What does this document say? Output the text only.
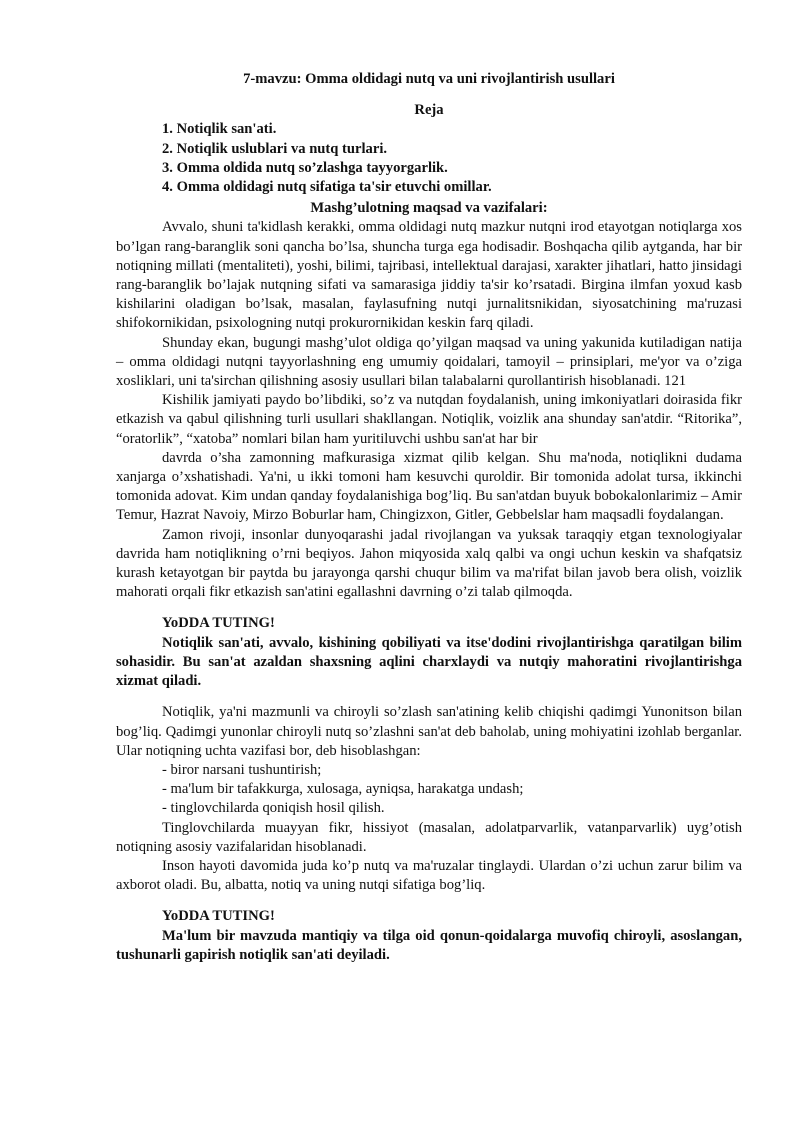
7-mavzu: Omma oldidagi nutq va uni rivojlantirish usullari
Reja
1. Notiqlik san'ati.
2. Notiqlik uslublari va nutq turlari.
3. Omma oldida nutq so’zlashga tayyorgarlik.
4. Omma oldidagi nutq sifatiga ta'sir etuvchi omillar.
Mashg’ulotning maqsad va vazifalari:

Avvalo, shuni ta'kidlash kerakki, omma oldidagi nutq mazkur nutqni irod etayotgan notiqlarga xos bo’lgan rang-baranglik soni qancha bo’lsa, shuncha turga ega hodisadir. Boshqacha qilib aytganda, har bir notiqning millati (mentaliteti), yoshi, bilimi, tajribasi, intellektual darajasi, xarakter jihatlari, hatto jinsidagi rang-baranglik bo’lajak nutqning sifati va samarasiga jiddiy ta'sir ko’rsatadi. Birgina ilmfan yoxud kasb kishilarini oladigan bo’lsak, masalan, faylasufning nutqi jurnalitsnikidan, siyosatchining ma'ruzasi shifokornikidan, psixologning nutqi prokurornikidan keskin farq qiladi.

Shunday ekan, bugungi mashg’ulot oldiga qo’yilgan maqsad va uning yakunida kutiladigan natija – omma oldidagi nutqni tayyorlashning eng umumiy qoidalari, tamoyil – prinsiplari, me'yor va o’ziga xosliklari, uni ta'sirchan qilishning asosiy usullari bilan talabalarni qurollantirish hisoblanadi. 121

Kishilik jamiyati paydo bo’libdiki, so’z va nutqdan foydalanish, uning imkoniyatlari doirasida fikr etkazish va qabul qilishning turli usullari shakllangan. Notiqlik, voizlik ana shunday san'atdir. “Ritorika”, “oratorlik”, “xatoba” nomlari bilan ham yuritiluvchi ushbu san'at har bir

davrda o’sha zamonning mafkurasiga xizmat qilib kelgan. Shu ma'noda, notiqlikni dudama xanjarga o’xshatishadi. Ya'ni, u ikki tomoni ham kesuvchi quroldir. Bir tomonida adolat tursa, ikkinchi tomonida adovat. Kim undan qanday foydalanishiga bog’liq. Bu san'atdan buyuk bobokalonlarimiz – Amir Temur, Hazrat Navoiy, Mirzo Boburlar ham, Chingizxon, Gitler, Gebbelslar ham maqsadli foydalangan.

Zamon rivoji, insonlar dunyoqarashi jadal rivojlangan va yuksak taraqqiy etgan texnologiyalar davrida ham notiqlikning o’rni beqiyos. Jahon miqyosida xalq qalbi va ongi uchun keskin va shafqatsiz kurash ketayotgan bir paytda bu jarayonga qarshi chuqur bilim va ma'rifat bilan javob bera olish, voizlik mahorati orqali fikr etkazish san'atini egallashni davrning o’zi talab qilmoqda.

YoDDA TUTING!

Notiqlik san'ati, avvalo, kishining qobiliyati va itse'dodini rivojlantirishga qaratilgan bilim sohasidir. Bu san'at azaldan shaxsning aqlini charxlaydi va nutqiy mahoratini rivojlantirishga xizmat qiladi.

Notiqlik, ya'ni mazmunli va chiroyli so’zlash san'atining kelib chiqishi qadimgi Yunonitson bilan bog’liq. Qadimgi yunonlar chiroyli nutq so’zlashni san'at deb baholab, uning mohiyatini izohlab berganlar. Ular notiqning uchta vazifasi bor, deb hisoblashgan:

- biror narsani tushuntirish;
- ma'lum bir tafakkurga, xulosaga, ayniqsa, harakatga undash;
- tinglovchilarda qoniqish hosil qilish.

Tinglovchilarda muayyan fikr, hissiyot (masalan, adolatparvarlik, vatanparvarlik) uyg’otish notiqning asosiy vazifalaridan hisoblanadi.

Inson hayoti davomida juda ko’p nutq va ma'ruzalar tinglaydi. Ulardan o’zi uchun zarur bilim va axborot oladi. Bu, albatta, notiq va uning nutqi sifatiga bog’liq.

YoDDA TUTING!

Ma'lum bir mavzuda mantiqiy va tilga oid qonun-qoidalarga muvofiq chiroyli, asoslangan, tushunarli gapirish notiqlik san'ati deyiladi.
